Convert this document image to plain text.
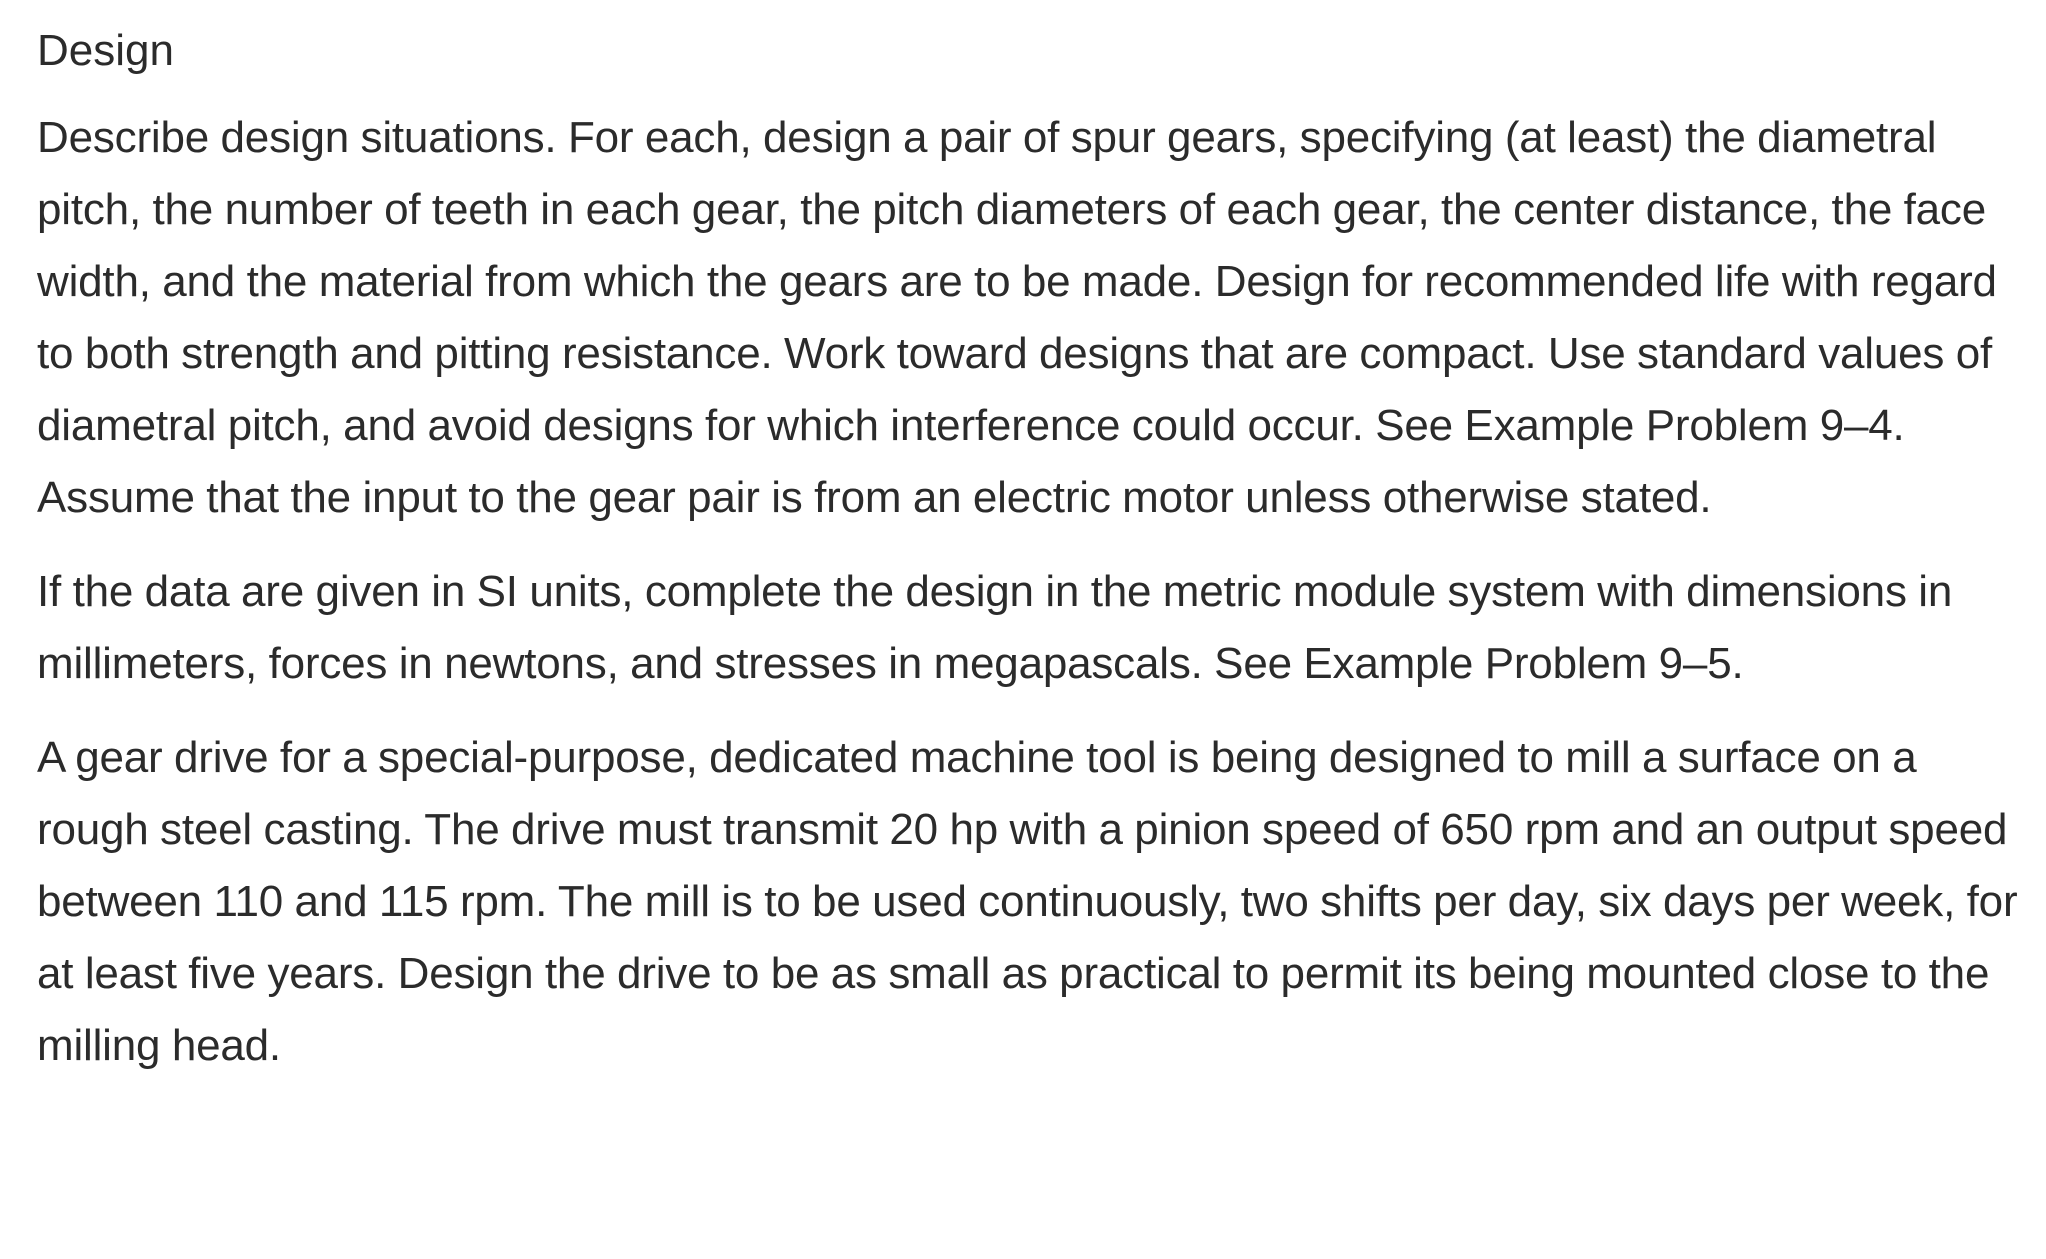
Design

Describe design situations. For each, design a pair of spur gears, specifying (at least) the diametral pitch, the number of teeth in each gear, the pitch diameters of each gear, the center distance, the face width, and the material from which the gears are to be made. Design for recommended life with regard to both strength and pitting resistance. Work toward designs that are compact. Use standard values of diametral pitch, and avoid designs for which interference could occur. See Example Problem 9–4. Assume that the input to the gear pair is from an electric motor unless otherwise stated.

If the data are given in SI units, complete the design in the metric module system with dimensions in millimeters, forces in newtons, and stresses in megapascals. See Example Problem 9–5.

A gear drive for a special-purpose, dedicated machine tool is being designed to mill a surface on a rough steel casting. The drive must transmit 20 hp with a pinion speed of 650 rpm and an output speed between 110 and 115 rpm. The mill is to be used continuously, two shifts per day, six days per week, for at least five years. Design the drive to be as small as practical to permit its being mounted close to the milling head.
